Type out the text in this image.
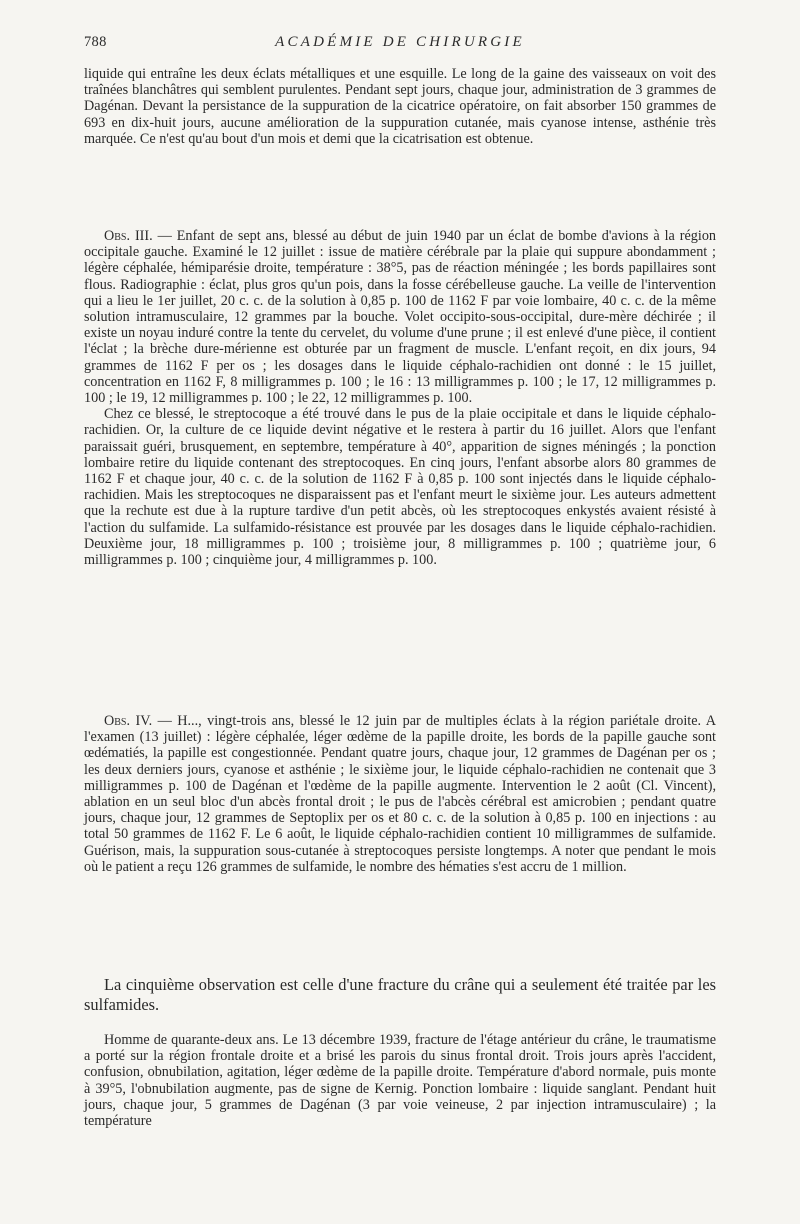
788	ACADÉMIE DE CHIRURGIE

liquide qui entraîne les deux éclats métalliques et une esquille. Le long de la gaine des vaisseaux on voit des traînées blanchâtres qui semblent purulentes. Pendant sept jours, chaque jour, administration de 3 grammes de Dagénan. Devant la persistance de la suppuration de la cicatrice opératoire, on fait absorber 150 grammes de 693 en dix-huit jours, aucune amélioration de la suppuration cutanée, mais cyanose intense, asthénie très marquée. Ce n'est qu'au bout d'un mois et demi que la cicatrisation est obtenue.

Obs. III. — Enfant de sept ans, blessé au début de juin 1940 par un éclat de bombe d'avions à la région occipitale gauche. Examiné le 12 juillet : issue de matière cérébrale par la plaie qui suppure abondamment ; légère céphalée, hémiparésie droite, température : 38°5, pas de réaction méningée ; les bords papillaires sont flous. Radiographie : éclat, plus gros qu'un pois, dans la fosse cérébelleuse gauche. La veille de l'intervention qui a lieu le 1er juillet, 20 c. c. de la solution à 0,85 p. 100 de 1162 F par voie lombaire, 40 c. c. de la même solution intramusculaire, 12 grammes par la bouche. Volet occipito-sous-occipital, dure-mère déchirée ; il existe un noyau induré contre la tente du cervelet, du volume d'une prune ; il est enlevé d'une pièce, il contient l'éclat ; la brèche dure-mérienne est obturée par un fragment de muscle. L'enfant reçoit, en dix jours, 94 grammes de 1162 F per os ; les dosages dans le liquide céphalo-rachidien ont donné : le 15 juillet, concentration en 1162 F, 8 milligrammes p. 100 ; le 16 : 13 milligrammes p. 100 ; le 17, 12 milligrammes p. 100 ; le 19, 12 milligrammes p. 100 ; le 22, 12 milligrammes p. 100.

Chez ce blessé, le streptocoque a été trouvé dans le pus de la plaie occipitale et dans le liquide céphalo-rachidien. Or, la culture de ce liquide devint négative et le restera à partir du 16 juillet. Alors que l'enfant paraissait guéri, brusquement, en septembre, température à 40°, apparition de signes méningés ; la ponction lombaire retire du liquide contenant des streptocoques. En cinq jours, l'enfant absorbe alors 80 grammes de 1162 F et chaque jour, 40 c. c. de la solution de 1162 F à 0,85 p. 100 sont injectés dans le liquide céphalo-rachidien. Mais les streptocoques ne disparaissent pas et l'enfant meurt le sixième jour. Les auteurs admettent que la rechute est due à la rupture tardive d'un petit abcès, où les streptocoques enkystés avaient résisté à l'action du sulfamide. La sulfamido-résistance est prouvée par les dosages dans le liquide céphalo-rachidien. Deuxième jour, 18 milligrammes p. 100 ; troisième jour, 8 milligrammes p. 100 ; quatrième jour, 6 milligrammes p. 100 ; cinquième jour, 4 milligrammes p. 100.

Obs. IV. — H..., vingt-trois ans, blessé le 12 juin par de multiples éclats à la région pariétale droite. A l'examen (13 juillet) : légère céphalée, léger œdème de la papille droite, les bords de la papille gauche sont œdématiés, la papille est congestionnée. Pendant quatre jours, chaque jour, 12 grammes de Dagénan per os ; les deux derniers jours, cyanose et asthénie ; le sixième jour, le liquide céphalo-rachidien ne contenait que 3 milligrammes p. 100 de Dagénan et l'œdème de la papille augmente. Intervention le 2 août (Cl. Vincent), ablation en un seul bloc d'un abcès frontal droit ; le pus de l'abcès cérébral est amicrobien ; pendant quatre jours, chaque jour, 12 grammes de Septoplix per os et 80 c. c. de la solution à 0,85 p. 100 en injections : au total 50 grammes de 1162 F. Le 6 août, le liquide céphalo-rachidien contient 10 milligrammes de sulfamide. Guérison, mais, la suppuration sous-cutanée à streptocoques persiste longtemps. A noter que pendant le mois où le patient a reçu 126 grammes de sulfamide, le nombre des hématies s'est accru de 1 million.

La cinquième observation est celle d'une fracture du crâne qui a seulement été traitée par les sulfamides.

Homme de quarante-deux ans. Le 13 décembre 1939, fracture de l'étage antérieur du crâne, le traumatisme a porté sur la région frontale droite et a brisé les parois du sinus frontal droit. Trois jours après l'accident, confusion, obnubilation, agitation, léger œdème de la papille droite. Température d'abord normale, puis monte à 39°5, l'obnubilation augmente, pas de signe de Kernig. Ponction lombaire : liquide sanglant. Pendant huit jours, chaque jour, 5 grammes de Dagénan (3 par voie veineuse, 2 par injection intramusculaire) ; la température
